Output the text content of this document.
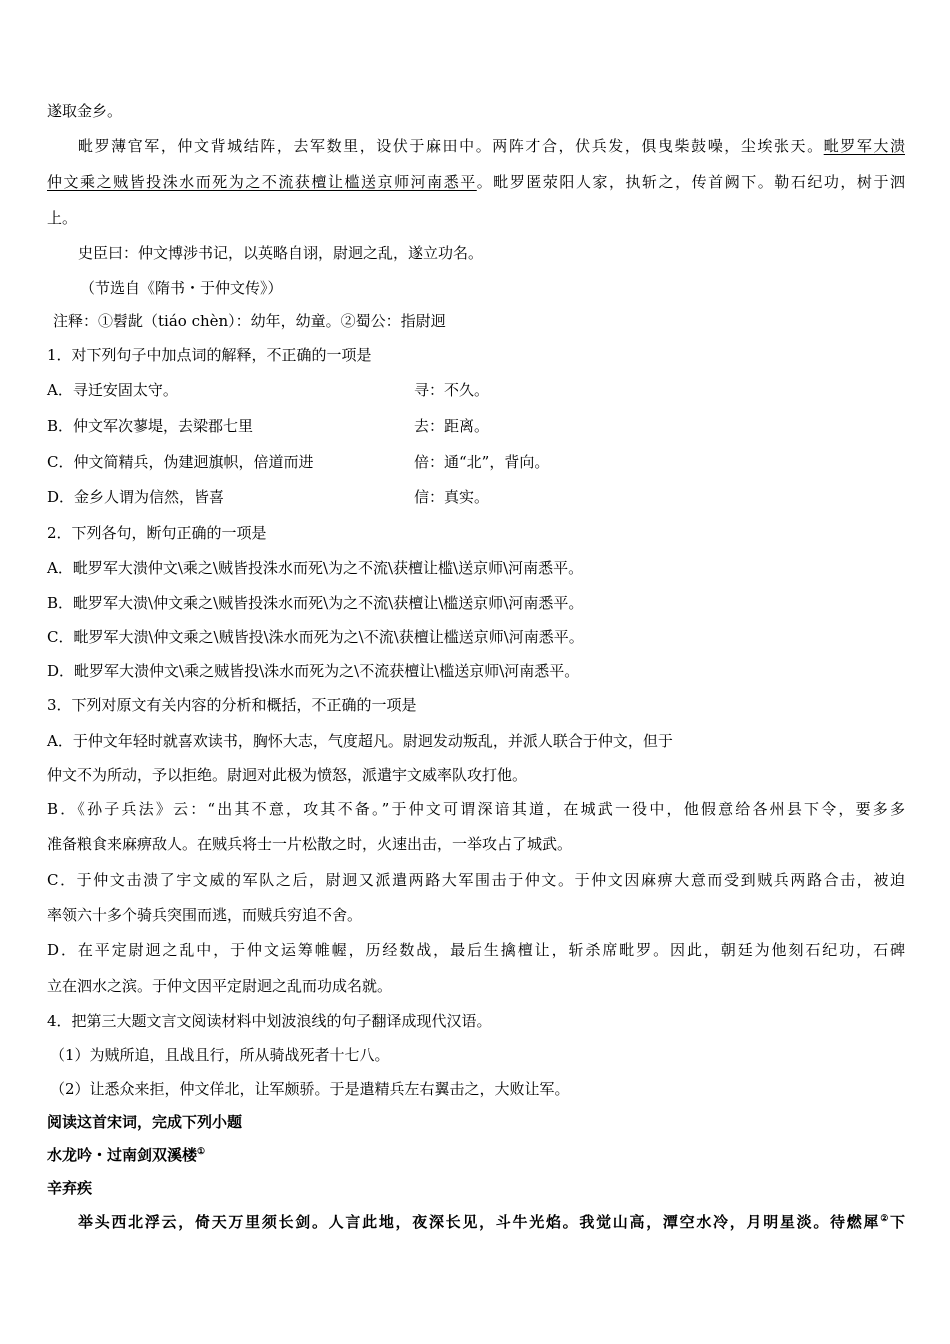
遂取金乡。
毗罗薄官军，仲文背城结阵，去军数里，设伏于麻田中。两阵才合，伏兵发，俱曳柴鼓噪，尘埃张天。毗罗军大溃
仲文乘之贼皆投洙水而死为之不流获檀让槛送京师河南悉平。毗罗匿荥阳人家，执斩之，传首阙下。勒石纪功，树于泗
上。
史臣曰：仲文博涉书记，以英略自诩，尉迥之乱，遂立功名。
（节选自《隋书・于仲文传》）
注释：①髫龀（tiáo chèn）：幼年，幼童。②蜀公：指尉迥
1．对下列句子中加点词的解释，不正确的一项是
A．寻迁安固太守。	寻：不久。
B．仲文军次蓼堤，去梁郡七里	去：距离。
C．仲文简精兵，伪建迥旗帜，倍道而进	倍：通“北”，背向。
D．金乡人谓为信然，皆喜	信：真实。
2．下列各句，断句正确的一项是
A．毗罗军大溃仲文\乘之\贼皆投洙水而死\为之不流\获檀让槛\送京师\河南悉平。
B．毗罗军大溃\仲文乘之\贼皆投洙水而死\为之不流\获檀让\槛送京师\河南悉平。
C．毗罗军大溃\仲文乘之\贼皆投\洙水而死为之\不流\获檀让槛送京师\河南悉平。
D．毗罗军大溃仲文\乘之贼皆投\洙水而死为之\不流获檀让\槛送京师\河南悉平。
3．下列对原文有关内容的分析和概括，不正确的一项是
A．于仲文年轻时就喜欢读书，胸怀大志，气度超凡。尉迥发动叛乱，并派人联合于仲文，但于
仲文不为所动，予以拒绝。尉迥对此极为愤怒，派遣宇文威率队攻打他。
B．《孙子兵法》云：“出其不意，攻其不备。”于仲文可谓深谙其道，在城武一役中，他假意给各州县下令，要多多
准备粮食来麻痹敌人。在贼兵将士一片松散之时，火速出击，一举攻占了城武。
C．于仲文击溃了宇文威的军队之后，尉迥又派遣两路大军围击于仲文。于仲文因麻痹大意而受到贼兵两路合击，被迫
率领六十多个骑兵突围而逃，而贼兵穷追不舍。
D．在平定尉迥之乱中，于仲文运筹帷幄，历经数战，最后生擒檀让，斩杀席毗罗。因此，朝廷为他刻石纪功，石碑
立在泗水之滨。于仲文因平定尉迥之乱而功成名就。
4．把第三大题文言文阅读材料中划波浪线的句子翻译成现代汉语。
（1）为贼所追，且战且行，所从骑战死者十七八。
（2）让悉众来拒，仲文佯北，让军颇骄。于是遣精兵左右翼击之，大败让军。
阅读这首宋词，完成下列小题
水龙吟・过南剑双溪楼①
辛弃疾
举头西北浮云，倚天万里须长剑。人言此地，夜深长见，斗牛光焰。我觉山高，潭空水冷，月明星淡。待燃犀②下
